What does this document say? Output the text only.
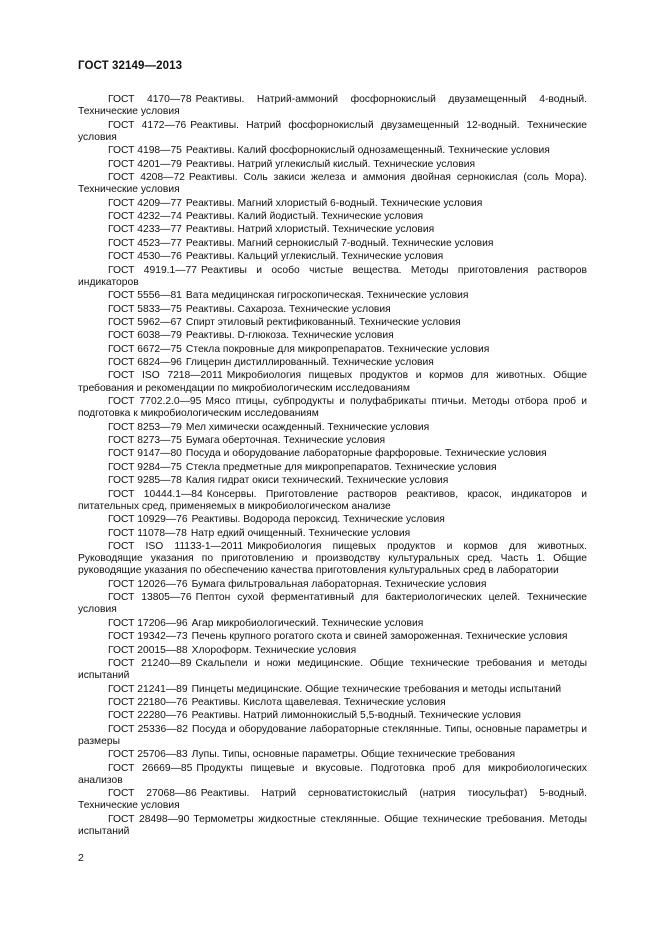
ГОСТ 32149—2013

ГОСТ 4170—78 Реактивы. Натрий-аммоний фосфорнокислый двузамещенный 4-водный. Технические условия

ГОСТ 4172—76 Реактивы. Натрий фосфорнокислый двузамещенный 12-водный. Технические условия

ГОСТ 4198—75 Реактивы. Калий фосфорнокислый однозамещенный. Технические условия

ГОСТ 4201—79 Реактивы. Натрий углекислый кислый. Технические условия

ГОСТ 4208—72 Реактивы. Соль закиси железа и аммония двойная сернокислая (соль Мора). Технические условия

ГОСТ 4209—77 Реактивы. Магний хлористый 6-водный. Технические условия

ГОСТ 4232—74 Реактивы. Калий йодистый. Технические условия

ГОСТ 4233—77 Реактивы. Натрий хлористый. Технические условия

ГОСТ 4523—77 Реактивы. Магний сернокислый 7-водный. Технические условия

ГОСТ 4530—76 Реактивы. Кальций углекислый. Технические условия

ГОСТ 4919.1—77 Реактивы и особо чистые вещества. Методы приготовления растворов индикаторов

ГОСТ 5556—81 Вата медицинская гигроскопическая. Технические условия

ГОСТ 5833—75 Реактивы. Сахароза. Технические условия

ГОСТ 5962—67 Спирт этиловый ректификованный. Технические условия

ГОСТ 6038—79 Реактивы. D-глюкоза. Технические условия

ГОСТ 6672—75 Стекла покровные для микропрепаратов. Технические условия

ГОСТ 6824—96 Глицерин дистиллированный. Технические условия

ГОСТ ISO 7218—2011 Микробиология пищевых продуктов и кормов для животных. Общие требования и рекомендации по микробиологическим исследованиям

ГОСТ 7702.2.0—95 Мясо птицы, субпродукты и полуфабрикаты птичьи. Методы отбора проб и подготовка к микробиологическим исследованиям

ГОСТ 8253—79 Мел химически осажденный. Технические условия

ГОСТ 8273—75 Бумага оберточная. Технические условия

ГОСТ 9147—80 Посуда и оборудование лабораторные фарфоровые. Технические условия

ГОСТ 9284—75 Стекла предметные для микропрепаратов. Технические условия

ГОСТ 9285—78 Калия гидрат окиси технический. Технические условия

ГОСТ 10444.1—84 Консервы. Приготовление растворов реактивов, красок, индикаторов и питательных сред, применяемых в микробиологическом анализе

ГОСТ 10929—76 Реактивы. Водорода пероксид. Технические условия

ГОСТ 11078—78 Натр едкий очищенный. Технические условия

ГОСТ ISO 11133-1—2011 Микробиология пищевых продуктов и кормов для животных. Руководящие указания по приготовлению и производству культуральных сред. Часть 1. Общие руководящие указания по обеспечению качества приготовления культуральных сред в лаборатории

ГОСТ 12026—76 Бумага фильтровальная лабораторная. Технические условия

ГОСТ 13805—76 Пептон сухой ферментативный для бактериологических целей. Технические условия

ГОСТ 17206—96 Агар микробиологический. Технические условия

ГОСТ 19342—73 Печень крупного рогатого скота и свиней замороженная. Технические условия

ГОСТ 20015—88 Хлороформ. Технические условия

ГОСТ 21240—89 Скальпели и ножи медицинские. Общие технические требования и методы испытаний

ГОСТ 21241—89 Пинцеты медицинские. Общие технические требования и методы испытаний

ГОСТ 22180—76 Реактивы. Кислота щавелевая. Технические условия

ГОСТ 22280—76 Реактивы. Натрий лимоннокислый 5,5-водный. Технические условия

ГОСТ 25336—82 Посуда и оборудование лабораторные стеклянные. Типы, основные параметры и размеры

ГОСТ 25706—83 Лупы. Типы, основные параметры. Общие технические требования

ГОСТ 26669—85 Продукты пищевые и вкусовые. Подготовка проб для микробиологических анализов

ГОСТ 27068—86 Реактивы. Натрий серноватистокислый (натрия тиосульфат) 5-водный. Технические условия

ГОСТ 28498—90 Термометры жидкостные стеклянные. Общие технические требования. Методы испытаний

2
